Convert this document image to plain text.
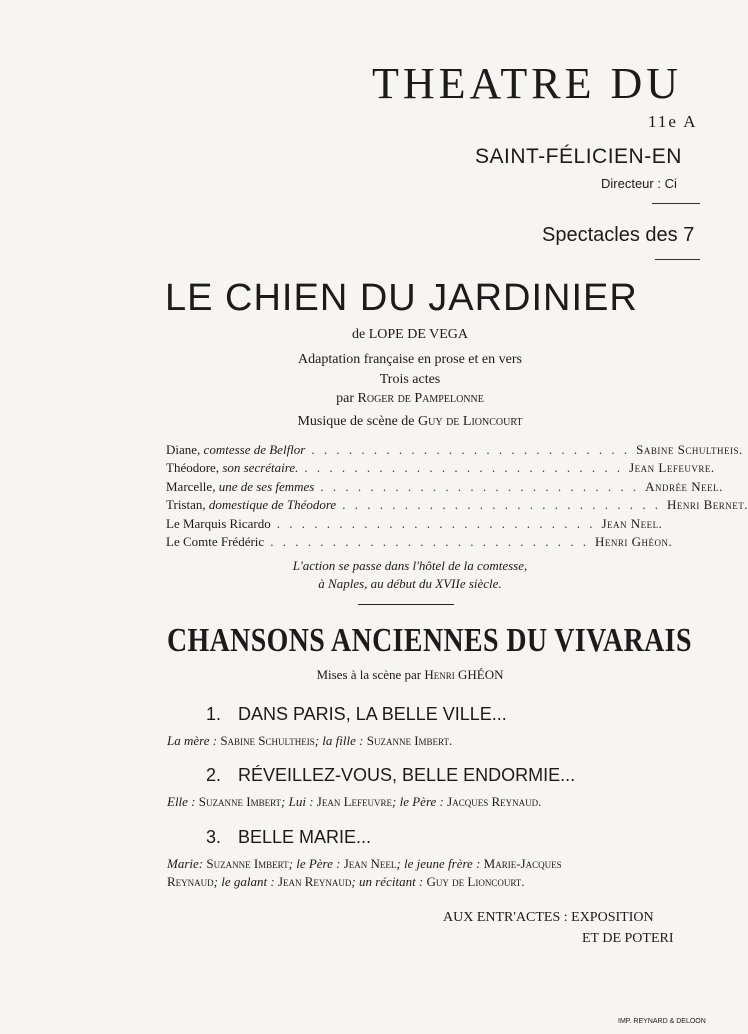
THEATRE DU
11e A
SAINT-FÉLICIEN-EN
Directeur : Ci
Spectacles des 7
LE CHIEN DU JARDINIER
de LOPE DE VEGA
Adaptation française en prose et en vers
Trois actes
par Roger de Pampelonne
Musique de scène de Guy de Lioncourt
Diane, comtesse de Belflor . . . . . . . . . . . . . . . . . . . . . . . . . . Sabine Schultheis.
Théodore, son secrétaire. . . . . . . . . . . . . . . . . . . . . . . . . . . Jean Lefeuvre.
Marcelle, une de ses femmes . . . . . . . . . . . . . . . . . . . . . . . . . . Andrée Neel.
Tristan, domestique de Théodore . . . . . . . . . . . . . . . . . . . . . . . . . . Henri Bernet.
Le Marquis Ricardo . . . . . . . . . . . . . . . . . . . . . . . . . . Jean Neel.
Le Comte Frédéric . . . . . . . . . . . . . . . . . . . . . . . . . . Henri Ghéon.
L'action se passe dans l'hôtel de la comtesse,
à Naples, au début du XVIIe siècle.
CHANSONS ANCIENNES DU VIVARAIS
Mises à la scène par Henri GHÉON
1. DANS PARIS, LA BELLE VILLE...
La mère : Sabine Schultheis; la fille : Suzanne Imbert.
2. RÉVEILLEZ-VOUS, BELLE ENDORMIE...
Elle : Suzanne Imbert; Lui : Jean Lefeuvre; le Père : Jacques Reynaud.
3. BELLE MARIE...
Marie: Suzanne Imbert; le Père : Jean Neel; le jeune frère : Marie-Jacques
Reynaud; le galant : Jean Reynaud; un récitant : Guy de Lioncourt.
AUX ENTR'ACTES : EXPOSITION
ET DE POTERI
IMP. REYNARD & DELOON
